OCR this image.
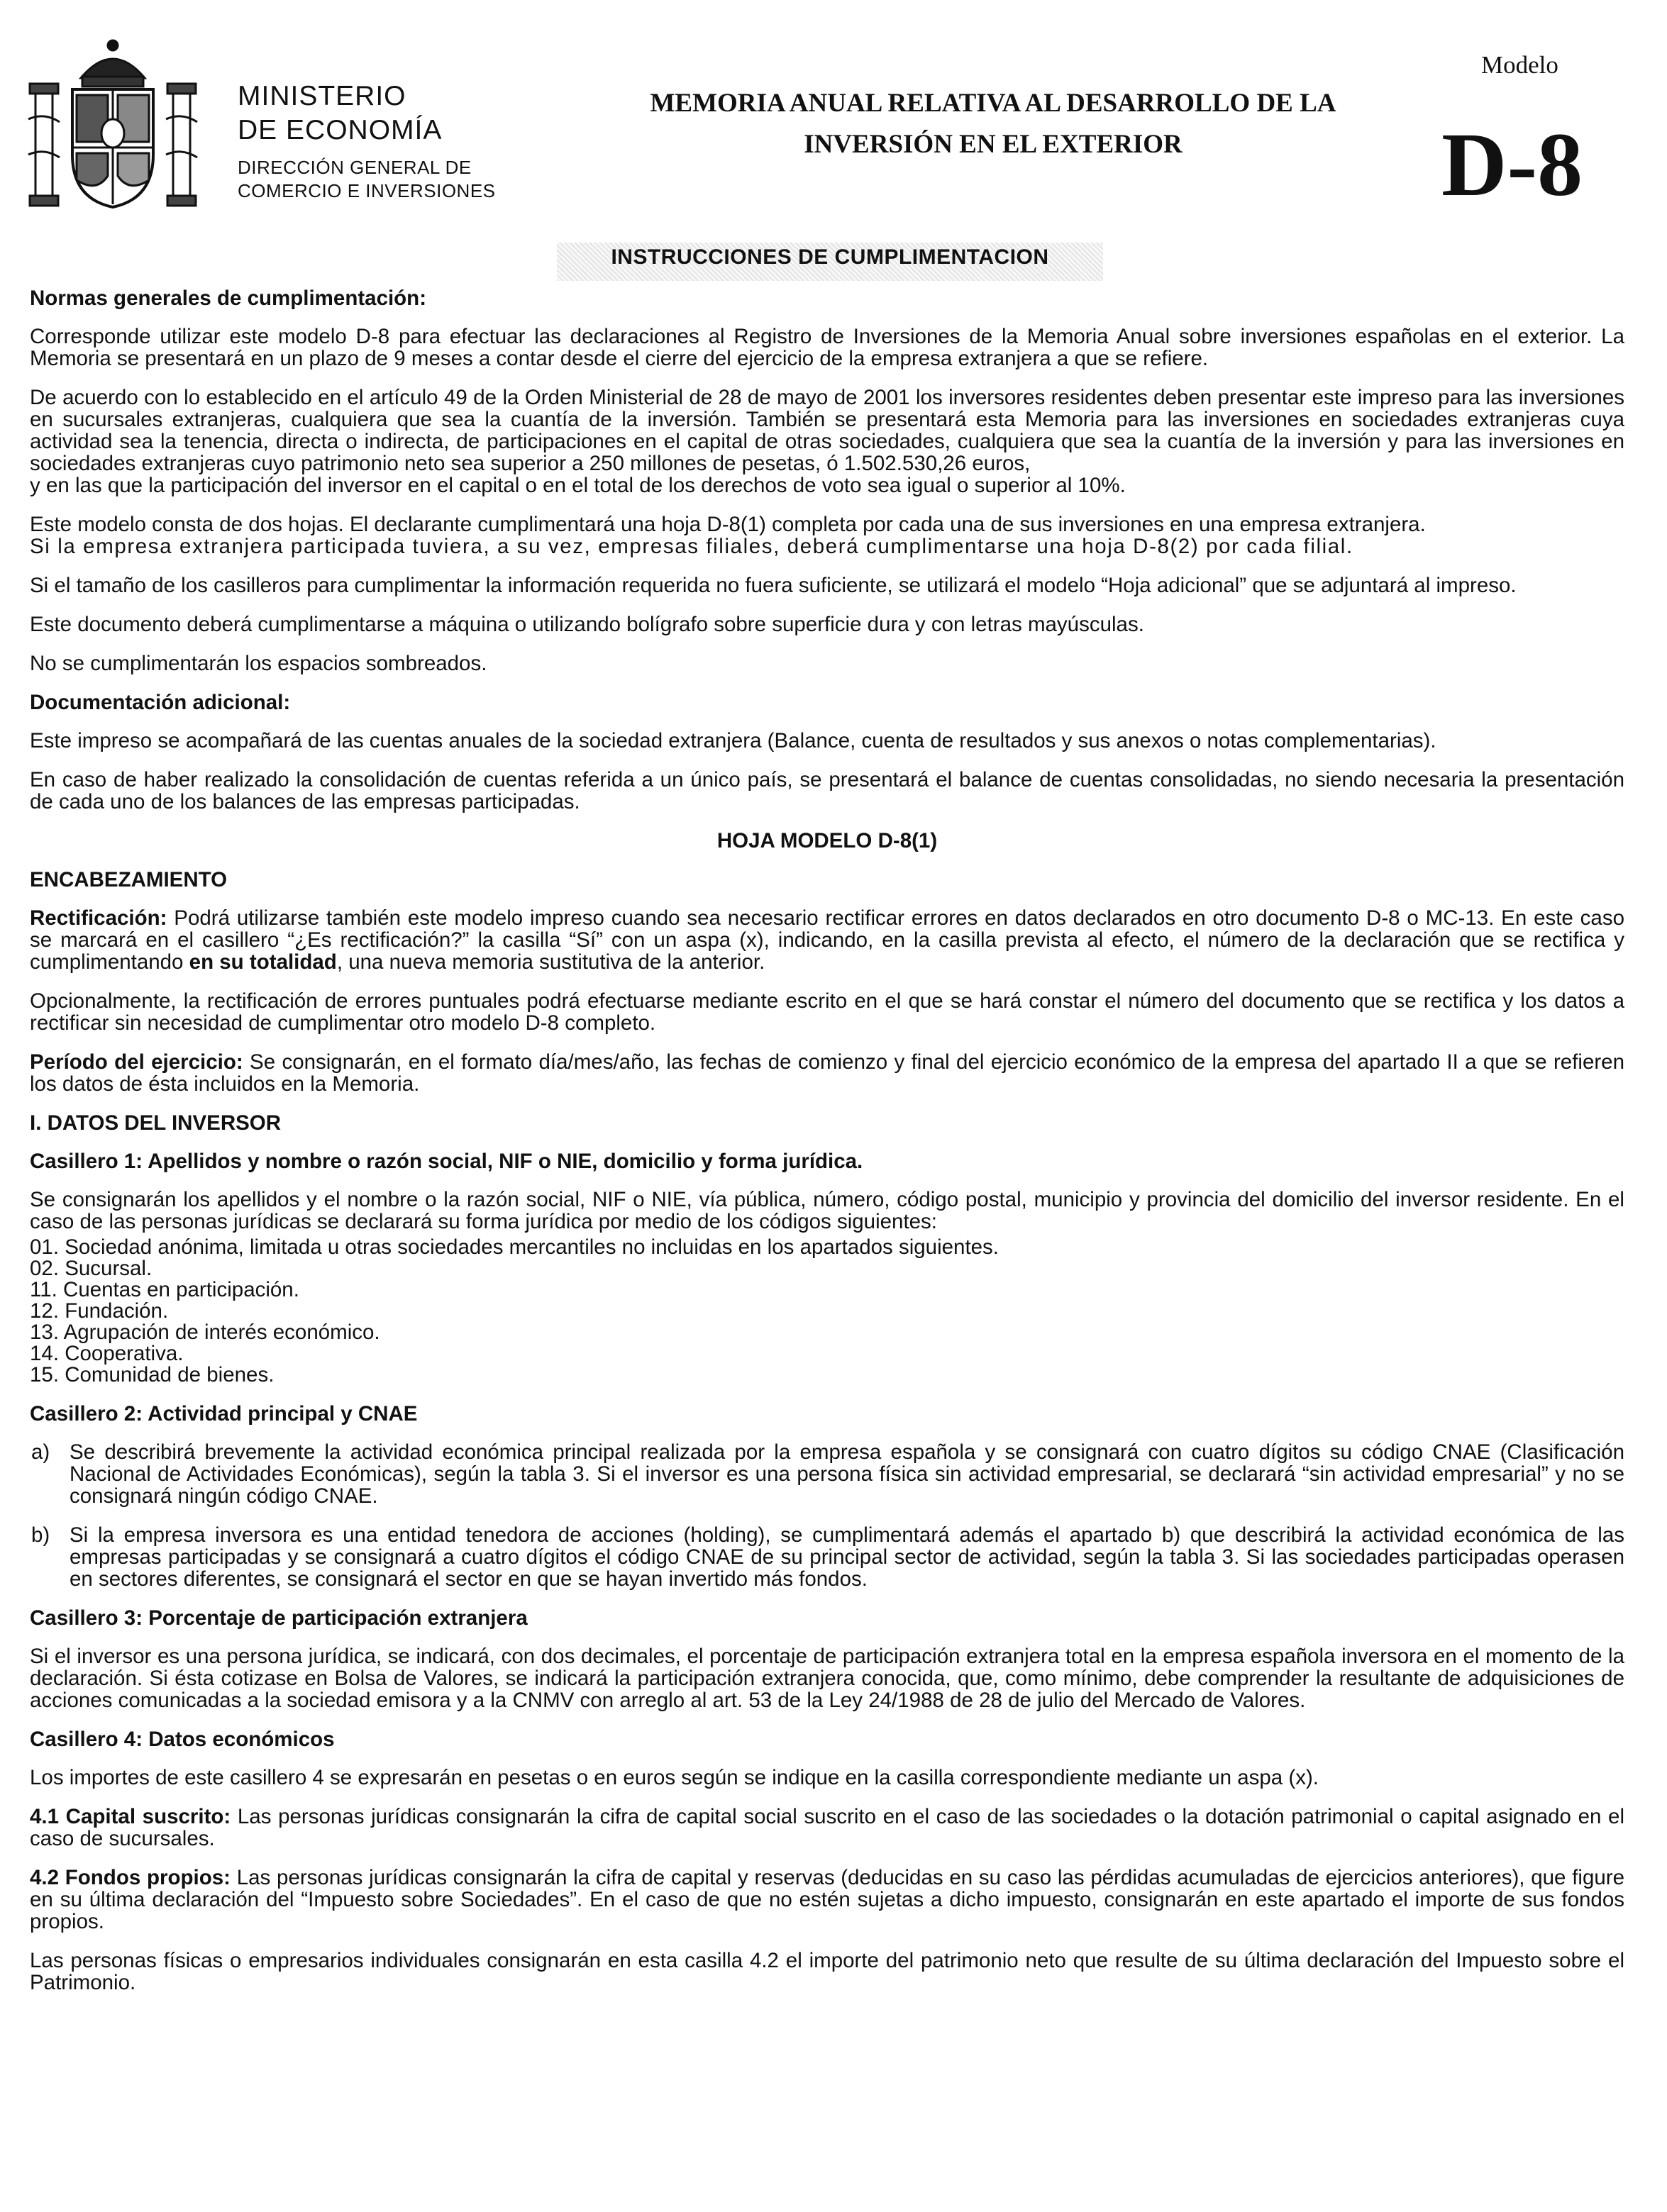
MINISTERIO
DE ECONOMÍA
DIRECCIÓN GENERAL DE
COMERCIO E INVERSIONES
MEMORIA ANUAL RELATIVA AL DESARROLLO DE LA
INVERSIÓN EN EL EXTERIOR
Modelo
D-8
INSTRUCCIONES DE CUMPLIMENTACION

Normas generales de cumplimentación:

Corresponde utilizar este modelo D-8 para efectuar las declaraciones al Registro de Inversiones de la Memoria Anual sobre inversiones españolas en el exterior. La Memoria se presentará en un plazo de 9 meses a contar desde el cierre del ejercicio de la empresa extranjera a que se refiere.

De acuerdo con lo establecido en el artículo 49 de la Orden Ministerial de 28 de mayo de 2001 los inversores residentes deben presentar este impreso para las inversiones en sucursales extranjeras, cualquiera que sea la cuantía de la inversión. También se presentará esta Memoria para las inversiones en sociedades extranjeras cuya actividad sea la tenencia, directa o indirecta, de participaciones en el capital de otras sociedades, cualquiera que sea la cuantía de la inversión y para las inversiones en sociedades extranjeras cuyo patrimonio neto sea superior a 250 millones de pesetas, ó 1.502.530,26 euros,
y en las que la participación del inversor en el capital o en el total de los derechos de voto sea igual o superior al 10%.

Este modelo consta de dos hojas. El declarante cumplimentará una hoja D-8(1) completa por cada una de sus inversiones en una empresa extranjera.
Si la empresa extranjera participada tuviera, a su vez, empresas filiales, deberá cumplimentarse una hoja D-8(2) por cada filial.

Si el tamaño de los casilleros para cumplimentar la información requerida no fuera suficiente, se utilizará el modelo “Hoja adicional” que se adjuntará al impreso.

Este documento deberá cumplimentarse a máquina o utilizando bolígrafo sobre superficie dura y con letras mayúsculas.

No se cumplimentarán los espacios sombreados.

Documentación adicional:

Este impreso se acompañará de las cuentas anuales de la sociedad extranjera (Balance, cuenta de resultados y sus anexos o notas complementarias).

En caso de haber realizado la consolidación de cuentas referida a un único país, se presentará el balance de cuentas consolidadas, no siendo necesaria la presentación de cada uno de los balances de las empresas participadas.

HOJA MODELO D-8(1)

ENCABEZAMIENTO

Rectificación: Podrá utilizarse también este modelo impreso cuando sea necesario rectificar errores en datos declarados en otro documento D-8 o MC-13. En este caso se marcará en el casillero “¿Es rectificación?” la casilla “Sí” con un aspa (x), indicando, en la casilla prevista al efecto, el número de la declaración que se rectifica y cumplimentando en su totalidad, una nueva memoria sustitutiva de la anterior.

Opcionalmente, la rectificación de errores puntuales podrá efectuarse mediante escrito en el que se hará constar el número del documento que se rectifica y los datos a rectificar sin necesidad de cumplimentar otro modelo D-8 completo.

Período del ejercicio: Se consignarán, en el formato día/mes/año, las fechas de comienzo y final del ejercicio económico de la empresa del apartado II a que se refieren los datos de ésta incluidos en la Memoria.

I. DATOS DEL INVERSOR

Casillero 1: Apellidos y nombre o razón social, NIF o NIE, domicilio y forma jurídica.

Se consignarán los apellidos y el nombre o la razón social, NIF o NIE, vía pública, número, código postal, municipio y provincia del domicilio del inversor residente. En el caso de las personas jurídicas se declarará su forma jurídica por medio de los códigos siguientes:

01. Sociedad anónima, limitada u otras sociedades mercantiles no incluidas en los apartados siguientes.
02. Sucursal.
11. Cuentas en participación.
12. Fundación.
13. Agrupación de interés económico.
14. Cooperativa.
15. Comunidad de bienes.

Casillero 2: Actividad principal y CNAE

a) Se describirá brevemente la actividad económica principal realizada por la empresa española y se consignará con cuatro dígitos su código CNAE (Clasificación Nacional de Actividades Económicas), según la tabla 3. Si el inversor es una persona física sin actividad empresarial, se declarará “sin actividad empresarial” y no se consignará ningún código CNAE.
b) Si la empresa inversora es una entidad tenedora de acciones (holding), se cumplimentará además el apartado b) que describirá la actividad económica de las empresas participadas y se consignará a cuatro dígitos el código CNAE de su principal sector de actividad, según la tabla 3. Si las sociedades participadas operasen en sectores diferentes, se consignará el sector en que se hayan invertido más fondos.

Casillero 3: Porcentaje de participación extranjera

Si el inversor es una persona jurídica, se indicará, con dos decimales, el porcentaje de participación extranjera total en la empresa española inversora en el momento de la declaración. Si ésta cotizase en Bolsa de Valores, se indicará la participación extranjera conocida, que, como mínimo, debe comprender la resultante de adquisiciones de acciones comunicadas a la sociedad emisora y a la CNMV con arreglo al art. 53 de la Ley 24/1988 de 28 de julio del Mercado de Valores.

Casillero 4: Datos económicos

Los importes de este casillero 4 se expresarán en pesetas o en euros según se indique en la casilla correspondiente mediante un aspa (x).

4.1 Capital suscrito: Las personas jurídicas consignarán la cifra de capital social suscrito en el caso de las sociedades o la dotación patrimonial o capital asignado en el caso de sucursales.

4.2 Fondos propios: Las personas jurídicas consignarán la cifra de capital y reservas (deducidas en su caso las pérdidas acumuladas de ejercicios anteriores), que figure en su última declaración del “Impuesto sobre Sociedades”. En el caso de que no estén sujetas a dicho impuesto, consignarán en este apartado el importe de sus fondos propios.

Las personas físicas o empresarios individuales consignarán en esta casilla 4.2 el importe del patrimonio neto que resulte de su última declaración del Impuesto sobre el Patrimonio.
